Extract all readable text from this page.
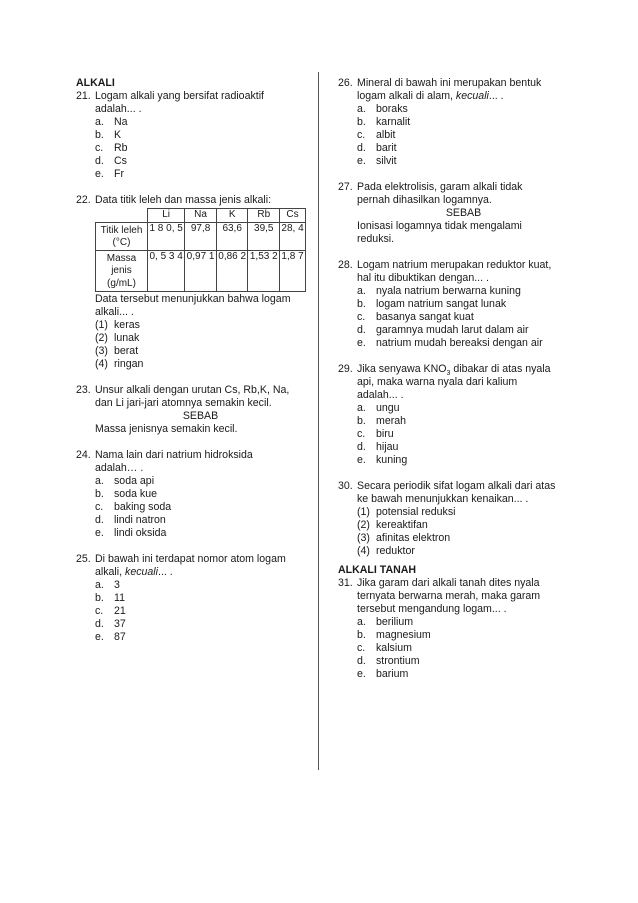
ALKALI
21. Logam alkali yang bersifat radioaktif
adalah... .
a. Na
b. K
c.	Rb
d. Cs
e. Fr
22. Data titik leleh dan massa jenis alkali:
	Li	Na	K	Rb	Cs
Titik leleh (°C)	1 8 0, 5	97,8	63,6	39,5	28, 4
Massa jenis (g/mL)	0, 5 3 4	0,97 1	0,86 2	1,53 2	1,8 7
Data tersebut menunjukkan bahwa logam
alkali... .
(1) keras
(2) lunak
(3) berat
(4) ringan
23. Unsur alkali dengan urutan Cs, Rb,K, Na,
dan Li jari-jari atomnya semakin kecil.
SEBAB
Massa jenisnya semakin kecil.
24. Nama lain dari natrium hidroksida
adalah… .
a. soda api
b. soda kue
c.	baking soda
d. lindi natron
e. lindi oksida
25. Di bawah ini terdapat nomor atom logam
alkali, kecuali... .
a. 3
b. 11
c.	21
d. 37
e. 87
26. Mineral di bawah ini merupakan bentuk
logam alkali di alam, kecuali... .
a. boraks
b. karnalit
c.	albit
d. barit
e. silvit
27. Pada elektrolisis, garam alkali tidak
pernah dihasilkan logamnya.
SEBAB
Ionisasi logamnya tidak mengalami
reduksi.
28. Logam natrium merupakan reduktor kuat,
hal itu dibuktikan dengan... .
a. nyala natrium berwarna kuning
b. logam natrium sangat lunak
c.	basanya sangat kuat
d. garamnya mudah larut dalam air
e. natrium mudah bereaksi dengan air
29. Jika senyawa $KNO_3$ dibakar di atas nyala
api, maka warna nyala dari kalium
adalah... .
a. ungu
b. merah
c.	biru
d. hijau
e. kuning
30. Secara periodik sifat logam alkali dari atas
ke bawah menunjukkan kenaikan... .
(1) potensial reduksi
(2) kereaktifan
(3) afinitas elektron
(4) reduktor
ALKALI TANAH
31. Jika garam dari alkali tanah dites nyala
ternyata berwarna merah, maka garam
tersebut mengandung logam... .
a. berilium
b. magnesium
c.	kalsium
d. strontium
e. barium
